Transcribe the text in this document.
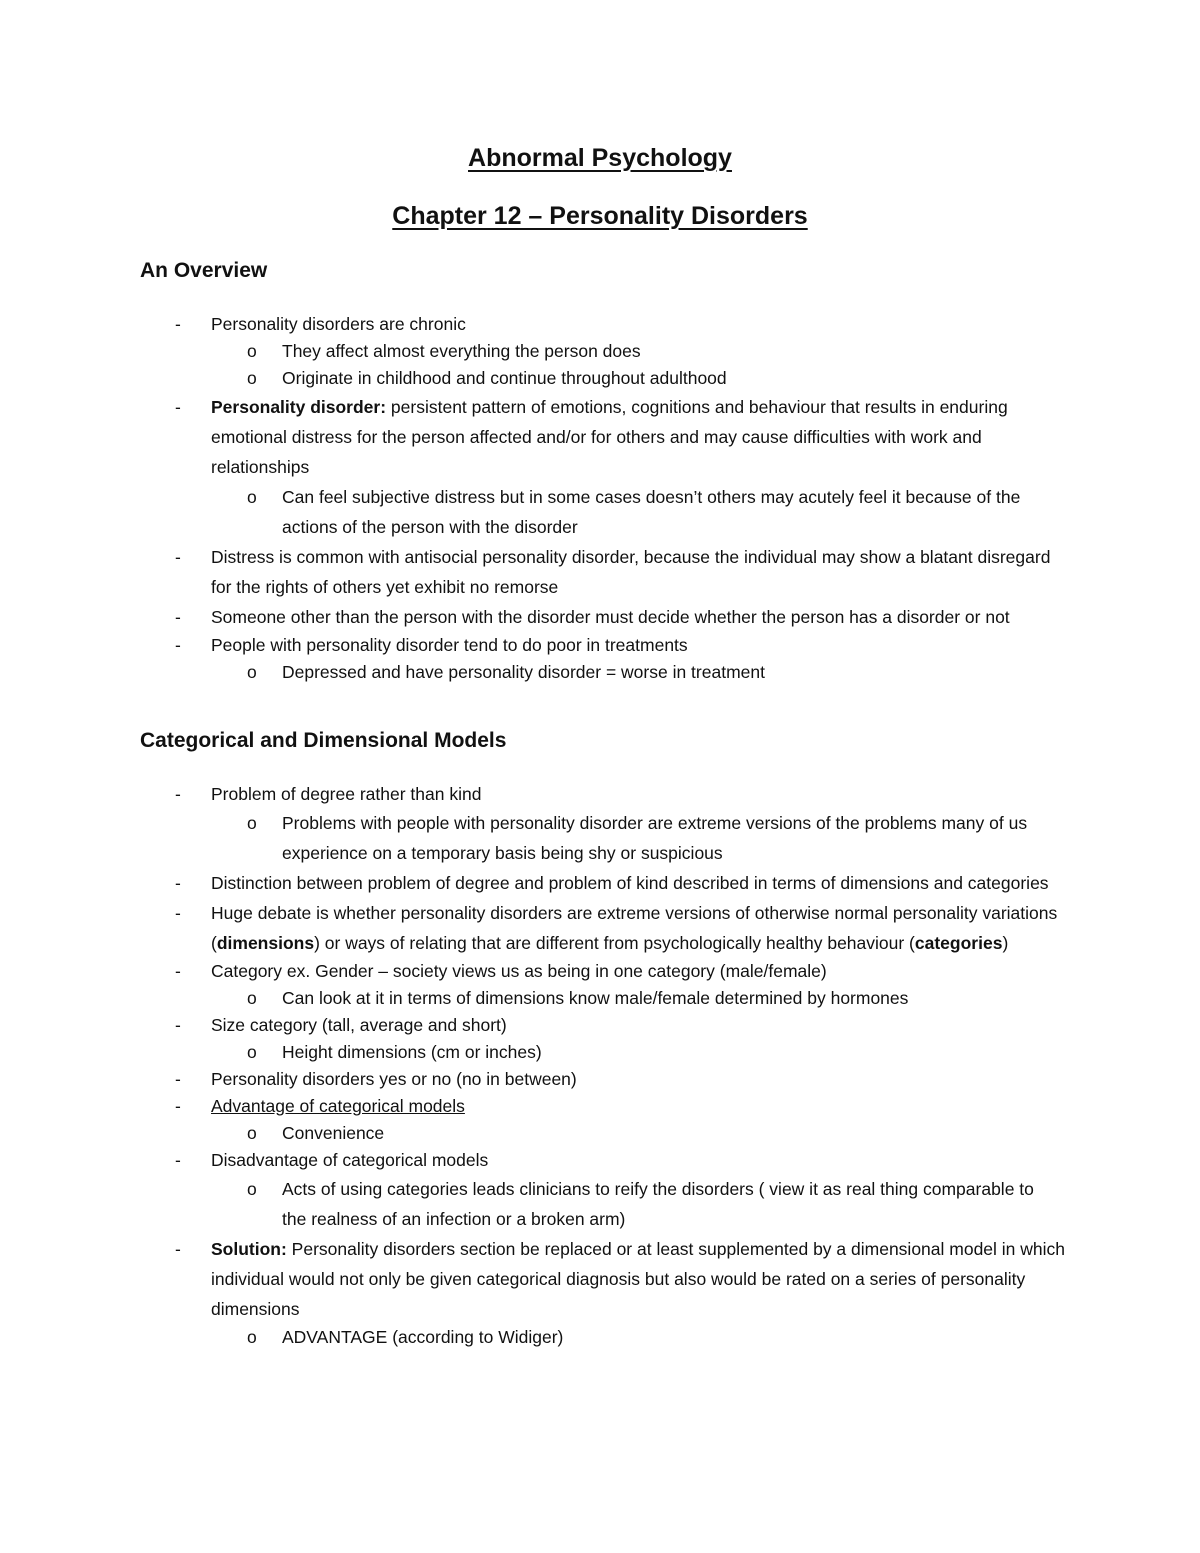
Abnormal Psychology
Chapter 12 – Personality Disorders
An Overview
- Personality disorders are chronic
o They affect almost everything the person does
o Originate in childhood and continue throughout adulthood
- Personality disorder: persistent pattern of emotions, cognitions and behaviour that results in enduring emotional distress for the person affected and/or for others and may cause difficulties with work and relationships
o Can feel subjective distress but in some cases doesn’t others may acutely feel it because of the actions of the person with the disorder
- Distress is common with antisocial personality disorder, because the individual may show a blatant disregard for the rights of others yet exhibit no remorse
- Someone other than the person with the disorder must decide whether the person has a disorder or not
- People with personality disorder tend to do poor in treatments
o Depressed and have personality disorder = worse in treatment
Categorical and Dimensional Models
- Problem of degree rather than kind
o Problems with people with personality disorder are extreme versions of the problems many of us experience on a temporary basis being shy or suspicious
- Distinction between problem of degree and problem of kind described in terms of dimensions and categories
- Huge debate is whether personality disorders are extreme versions of otherwise normal personality variations (dimensions) or ways of relating that are different from psychologically healthy behaviour (categories)
- Category ex. Gender – society views us as being in one category (male/female)
o Can look at it in terms of dimensions know male/female determined by hormones
- Size category (tall, average and short)
o Height dimensions (cm or inches)
- Personality disorders yes or no (no in between)
- Advantage of categorical models
o Convenience
- Disadvantage of categorical models
o Acts of using categories leads clinicians to reify the disorders ( view it as real thing comparable to the realness of an infection or a broken arm)
- Solution: Personality disorders section be replaced or at least supplemented by a dimensional model in which individual would not only be given categorical diagnosis but also would be rated on a series of personality dimensions
o ADVANTAGE (according to Widiger)
